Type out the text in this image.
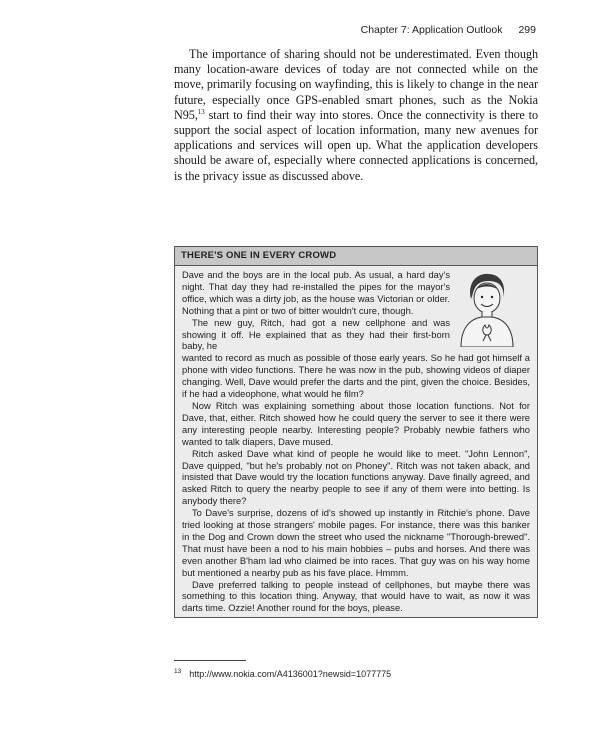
Chapter 7: Application Outlook 299

The importance of sharing should not be underestimated. Even though many location-aware devices of today are not connected while on the move, primarily focusing on wayfinding, this is likely to change in the near future, especially once GPS-enabled smart phones, such as the Nokia N95,13 start to find their way into stores. Once the connectivity is there to support the social aspect of location information, many new avenues for applications and services will open up. What the application developers should be aware of, especially where connected applications is concerned, is the privacy issue as discussed above.

THERE'S ONE IN EVERY CROWD

Dave and the boys are in the local pub. As usual, a hard day's night. That day they had re-installed the pipes for the mayor's office, which was a dirty job, as the house was Victorian or older. Nothing that a pint or two of bitter wouldn't cure, though.

The new guy, Ritch, had got a new cellphone and was showing it off. He explained that as they had their first-born baby, he

wanted to record as much as possible of those early years. So he had got himself a phone with video functions. There he was now in the pub, showing videos of diaper changing. Well, Dave would prefer the darts and the pint, given the choice. Besides, if he had a videophone, what would he film?

Now Ritch was explaining something about those location functions. Not for Dave, that, either. Ritch showed how he could query the server to see it there were any interesting people nearby. Interesting people? Probably newbie fathers who wanted to talk diapers, Dave mused.

Ritch asked Dave what kind of people he would like to meet. "John Lennon", Dave quipped, "but he's probably not on Phoney". Ritch was not taken aback, and insisted that Dave would try the location functions anyway. Dave finally agreed, and asked Ritch to query the nearby people to see if any of them were into betting. Is anybody there?

To Dave's surprise, dozens of id's showed up instantly in Ritchie's phone. Dave tried looking at those strangers' mobile pages. For instance, there was this banker in the Dog and Crown down the street who used the nickname "Thorough-brewed". That must have been a nod to his main hobbies – pubs and horses. And there was even another B'ham lad who claimed be into races. That guy was on his way home but mentioned a nearby pub as his fave place. Hmmm.

Dave preferred talking to people instead of cellphones, but maybe there was something to this location thing. Anyway, that would have to wait, as now it was darts time. Ozzie! Another round for the boys, please.

$^{13}$ http://www.nokia.com/A4136001?newsid=1077775
